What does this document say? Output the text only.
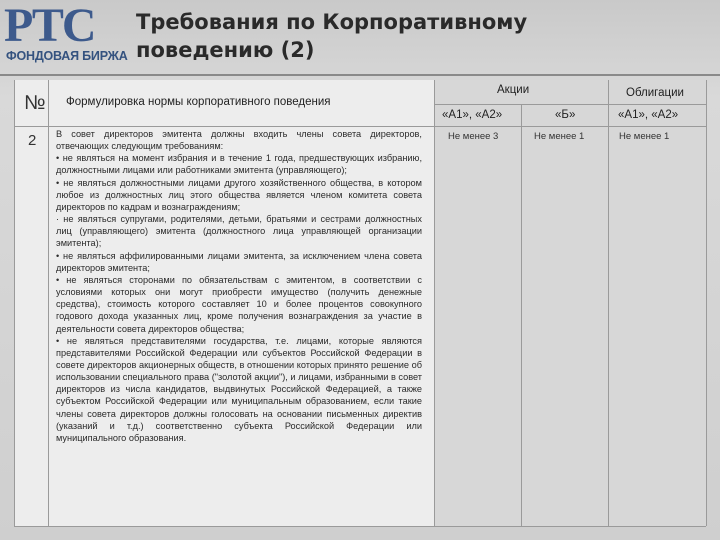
РТС
ФОНДОВАЯ БИРЖА
Требования по Корпоративному поведению (2)
№ Формулировка нормы корпоративного поведения
Акции	Облигации
«А1», «А2»	«Б»	«А1», «А2»
2 В совет директоров эмитента должны входить члены совета директоров, отвечающих следующим требованиям:

• не являться на момент избрания и в течение 1 года, предшествующих избранию, должностными лицами или работниками эмитента (управляющего);

• не являться должностными лицами другого хозяйственного общества, в котором любое из должностных лиц этого общества является членом комитета совета директоров по кадрам и вознаграждениям;

· не являться супругами, родителями, детьми, братьями и сестрами должностных лиц (управляющего) эмитента (должностного лица управляющей организации эмитента);

• не являться аффилированными лицами эмитента, за исключением члена совета директоров эмитента;

• не являться сторонами по обязательствам с эмитентом, в соответствии с условиями которых они могут приобрести имущество (получить денежные средства), стоимость которого составляет 10 и более процентов совокупного годового дохода указанных лиц, кроме получения вознаграждения за участие в деятельности совета директоров общества;

• не являться представителями государства, т.е. лицами, которые являются представителями Российской Федерации или субъектов Российской Федерации в совете директоров акционерных обществ, в отношении которых принято решение об использовании специального права ("золотой акции"), и лицами, избранными в совет директоров из числа кандидатов, выдвинутых Российской Федерацией, а также субъектом Российской Федерации или муниципальным образованием, если такие члены совета директоров должны голосовать на основании письменных директив (указаний и т.д.) соответственно субъекта Российской Федерации или муниципального образования.

Не менее 3	Не менее 1	Не менее 1
